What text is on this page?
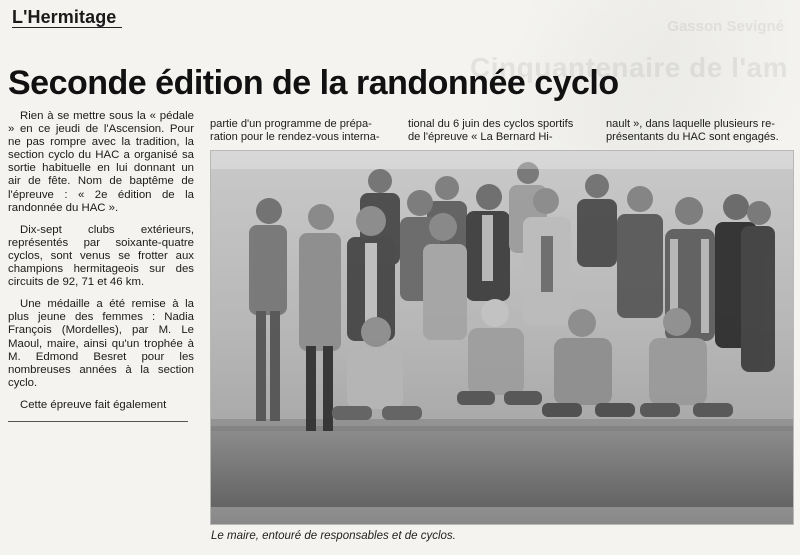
Gasson Sevigné
Cinquantenaire de l'am
L'Hermitage
Seconde édition de la randonnée cyclo

Rien à se mettre sous la « pédale » en ce jeudi de l'Ascension. Pour ne pas rompre avec la tradition, la section cyclo du HAC a organisé sa sortie habituelle en lui donnant un air de fête. Nom de baptême de l'épreuve : « 2e édition de la randonnée du HAC ».

Dix-sept clubs extérieurs, représentés par soixante-quatre cyclos, sont venus se frotter aux champions hermitageois sur des circuits de 92, 71 et 46 km.

Une médaille a été remise à la plus jeune des femmes : Nadia François (Mordelles), par M. Le Maoul, maire, ainsi qu'un trophée à M. Edmond Besret pour les nombreuses années à la section cyclo.

Cette épreuve fait également

partie d'un programme de prépa-
ration pour le rendez-vous interna-
tional du 6 juin des cyclos sportifs
de l'épreuve « La Bernard Hi-
nault », dans laquelle plusieurs re-
présentants du HAC sont engagés.
Le maire, entouré de responsables et de cyclos.
